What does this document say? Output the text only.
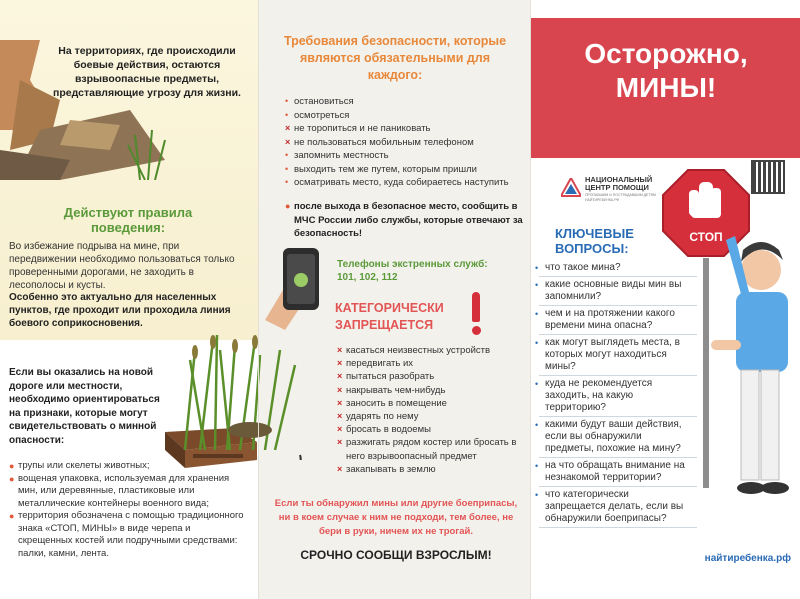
На территориях, где происходили боевые действия, остаются взрывоопасные предметы, представляющие угрозу для жизни.
Действуют правила поведения:
Во избежание подрыва на мине, при передвижении необходимо пользоваться только проверенными дорогами, не заходить в лесополосы и кусты.
Особенно это актуально для населенных пунктов, где проходит или проходила линия боевого соприкосновения.
Если вы оказались на новой дороге или местности, необходимо ориентироваться на признаки, которые могут свидетельствовать о минной опасности:
● трупы или скелеты животных;
● вощеная упаковка, используемая для хранения мин, или деревянные, пластиковые или металлические контейнеры военного вида;
● территория обозначена с помощью традиционного знака «СТОП, МИНЫ» в виде черепа и скрещенных костей или подручными средствами: палки, камни, лента.
Требования безопасности, которые являются обязательными для каждого:
• остановиться
• осмотреться
× не торопиться и не паниковать
× не пользоваться мобильным телефоном
• запомнить местность
• выходить тем же путем, которым пришли
• осматривать место, куда собираетесь наступить
● после выхода в безопасное место, сообщить в МЧС России либо службы, которые отвечают за безопасность!
Телефоны экстренных служб:
101, 102, 112
КАТЕГОРИЧЕСКИ ЗАПРЕЩАЕТСЯ
× касаться неизвестных устройств
× передвигать их
× пытаться разобрать
× накрывать чем-нибудь
× заносить в помещение
× ударять по нему
× бросать в водоемы
× разжигать рядом костер или бросать в него взрывоопасный предмет
× закапывать в землю
Если ты обнаружил мины или другие боеприпасы, ни в коем случае к ним не подходи, тем более, не бери в руки, ничем их не трогай.
СРОЧНО СООБЩИ ВЗРОСЛЫМ!
Осторожно,
МИНЫ!
НАЦИОНАЛЬНЫЙ
ЦЕНТР ПОМОЩИ
ПРОПАВШИМ И ПОСТРАДАВШИМ ДЕТЯМ
НАЙТИРЕБЕНКА.РФ
СТОП
КЛЮЧЕВЫЕ ВОПРОСЫ:
• что такое мина?
• какие основные виды мин вы запомнили?
• чем и на протяжении какого времени мина опасна?
• как могут выглядеть места, в которых могут находиться мины?
• куда не рекомендуется заходить, на какую территорию?
• какими будут ваши действия, если вы обнаружили предметы, похожие на мину?
• на что обращать внимание на незнакомой территории?
• что категорически запрещается делать, если вы обнаружили боеприпасы?
найтиребенка.рф
